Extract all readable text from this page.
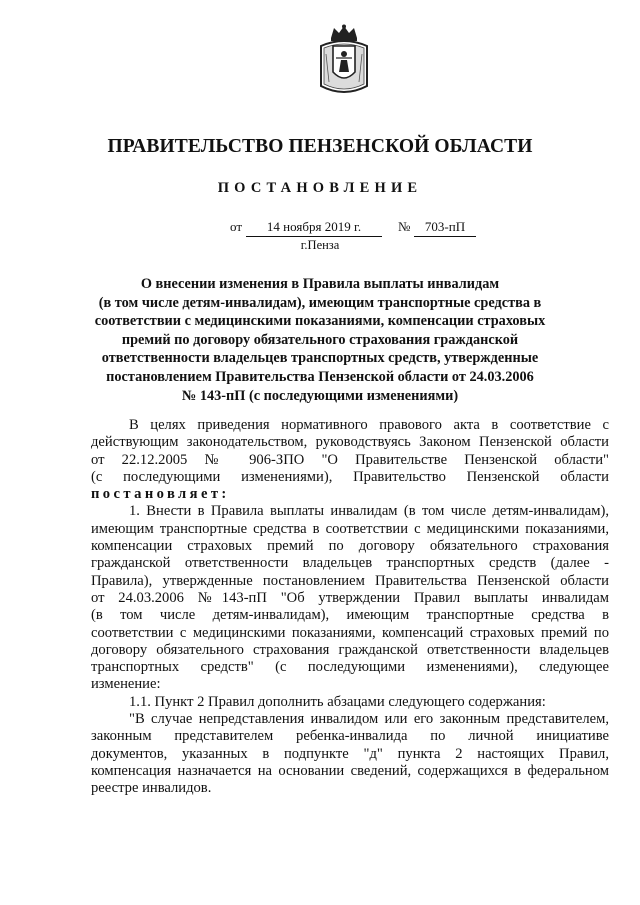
ПРАВИТЕЛЬСТВО ПЕНЗЕНСКОЙ ОБЛАСТИ
ПОСТАНОВЛЕНИЕ
от	14 ноября 2019 г.	№	703-пП
г.Пенза
О внесении изменения в Правила выплаты инвалидам
(в том числе детям-инвалидам), имеющим транспортные средства в
соответствии с медицинскими показаниями, компенсации страховых
премий по договору обязательного страхования гражданской
ответственности владельцев транспортных средств, утвержденные
постановлением Правительства Пензенской области от 24.03.2006
№ 143-пП (с последующими изменениями)
В целях приведения нормативного правового акта в соответствие с
действующим законодательством, руководствуясь Законом Пензенской области
от 22.12.2005 № 906-ЗПО "О Правительстве Пензенской области"
(с последующими изменениями), Правительство Пензенской области
постановляет:
1. Внести в Правила выплаты инвалидам (в том числе детям-инвалидам),
имеющим транспортные средства в соответствии с медицинскими показаниями,
компенсации страховых премий по договору обязательного страхования
гражданской ответственности владельцев транспортных средств (далее -
Правила), утвержденные постановлением Правительства Пензенской области
от 24.03.2006 №143-пП "Об утверждении Правил выплаты инвалидам
(в том числе детям-инвалидам), имеющим транспортные средства в
соответствии с медицинскими показаниями, компенсаций страховых премий по
договору обязательного страхования гражданской ответственности владельцев
транспортных средств" (с последующими изменениями), следующее
изменение:
1.1. Пункт 2 Правил дополнить абзацами следующего содержания:
"В случае непредставления инвалидом или его законным представителем,
законным представителем ребенка-инвалида по личной инициативе
документов, указанных в подпункте "д" пункта 2 настоящих Правил,
компенсация назначается на основании сведений, содержащихся в федеральном
реестре инвалидов.
